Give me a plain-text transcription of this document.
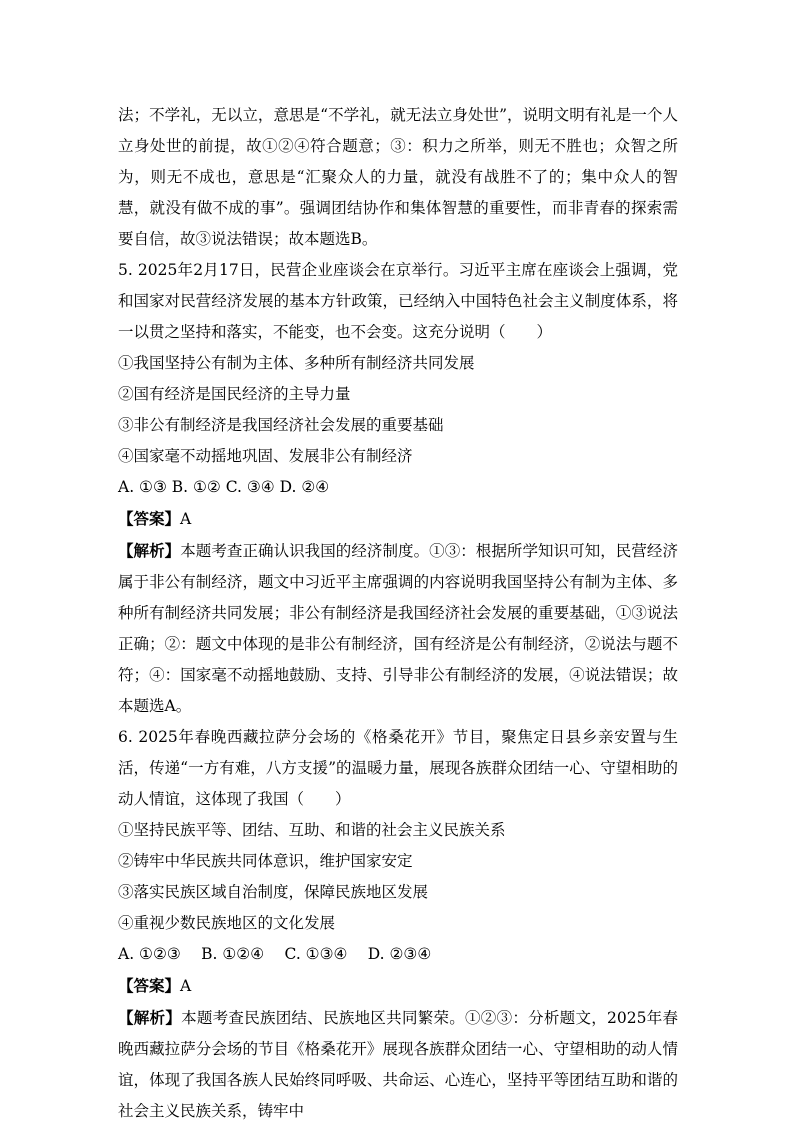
法；不学礼，无以立，意思是“不学礼，就无法立身处世”，说明文明有礼是一个人立身处世的前提，故①②④符合题意；③：积力之所举，则无不胜也；众智之所为，则无不成也，意思是“汇聚众人的力量，就没有战胜不了的；集中众人的智慧，就没有做不成的事”。强调团结协作和集体智慧的重要性，而非青春的探索需要自信，故③说法错误；故本题选B。

5. 2025年2月17日，民营企业座谈会在京举行。习近平主席在座谈会上强调，党和国家对民营经济发展的基本方针政策，已经纳入中国特色社会主义制度体系，将一以贯之坚持和落实，不能变，也不会变。这充分说明（　　）

①我国坚持公有制为主体、多种所有制经济共同发展

②国有经济是国民经济的主导力量

③非公有制经济是我国经济社会发展的重要基础

④国家毫不动摇地巩固、发展非公有制经济

A. ①③ B. ①② C. ③④ D. ②④

【答案】A

【解析】本题考查正确认识我国的经济制度。①③：根据所学知识可知，民营经济属于非公有制经济，题文中习近平主席强调的内容说明我国坚持公有制为主体、多种所有制经济共同发展；非公有制经济是我国经济社会发展的重要基础，①③说法正确；②：题文中体现的是非公有制经济，国有经济是公有制经济，②说法与题不符；④：国家毫不动摇地鼓励、支持、引导非公有制经济的发展，④说法错误；故本题选A。

6. 2025年春晚西藏拉萨分会场的《格桑花开》节目，聚焦定日县乡亲安置与生活，传递“一方有难，八方支援”的温暖力量，展现各族群众团结一心、守望相助的动人情谊，这体现了我国（　　）

①坚持民族平等、团结、互助、和谐的社会主义民族关系

②铸牢中华民族共同体意识，维护国家安定

③落实民族区域自治制度，保障民族地区发展

④重视少数民族地区的文化发展

A. ①②③　 B. ①②④　 C. ①③④　 D. ②③④

【答案】A

【解析】本题考查民族团结、民族地区共同繁荣。①②③：分析题文，2025年春晚西藏拉萨分会场的节目《格桑花开》展现各族群众团结一心、守望相助的动人情谊，体现了我国各族人民始终同呼吸、共命运、心连心，坚持平等团结互助和谐的社会主义民族关系，铸牢中
